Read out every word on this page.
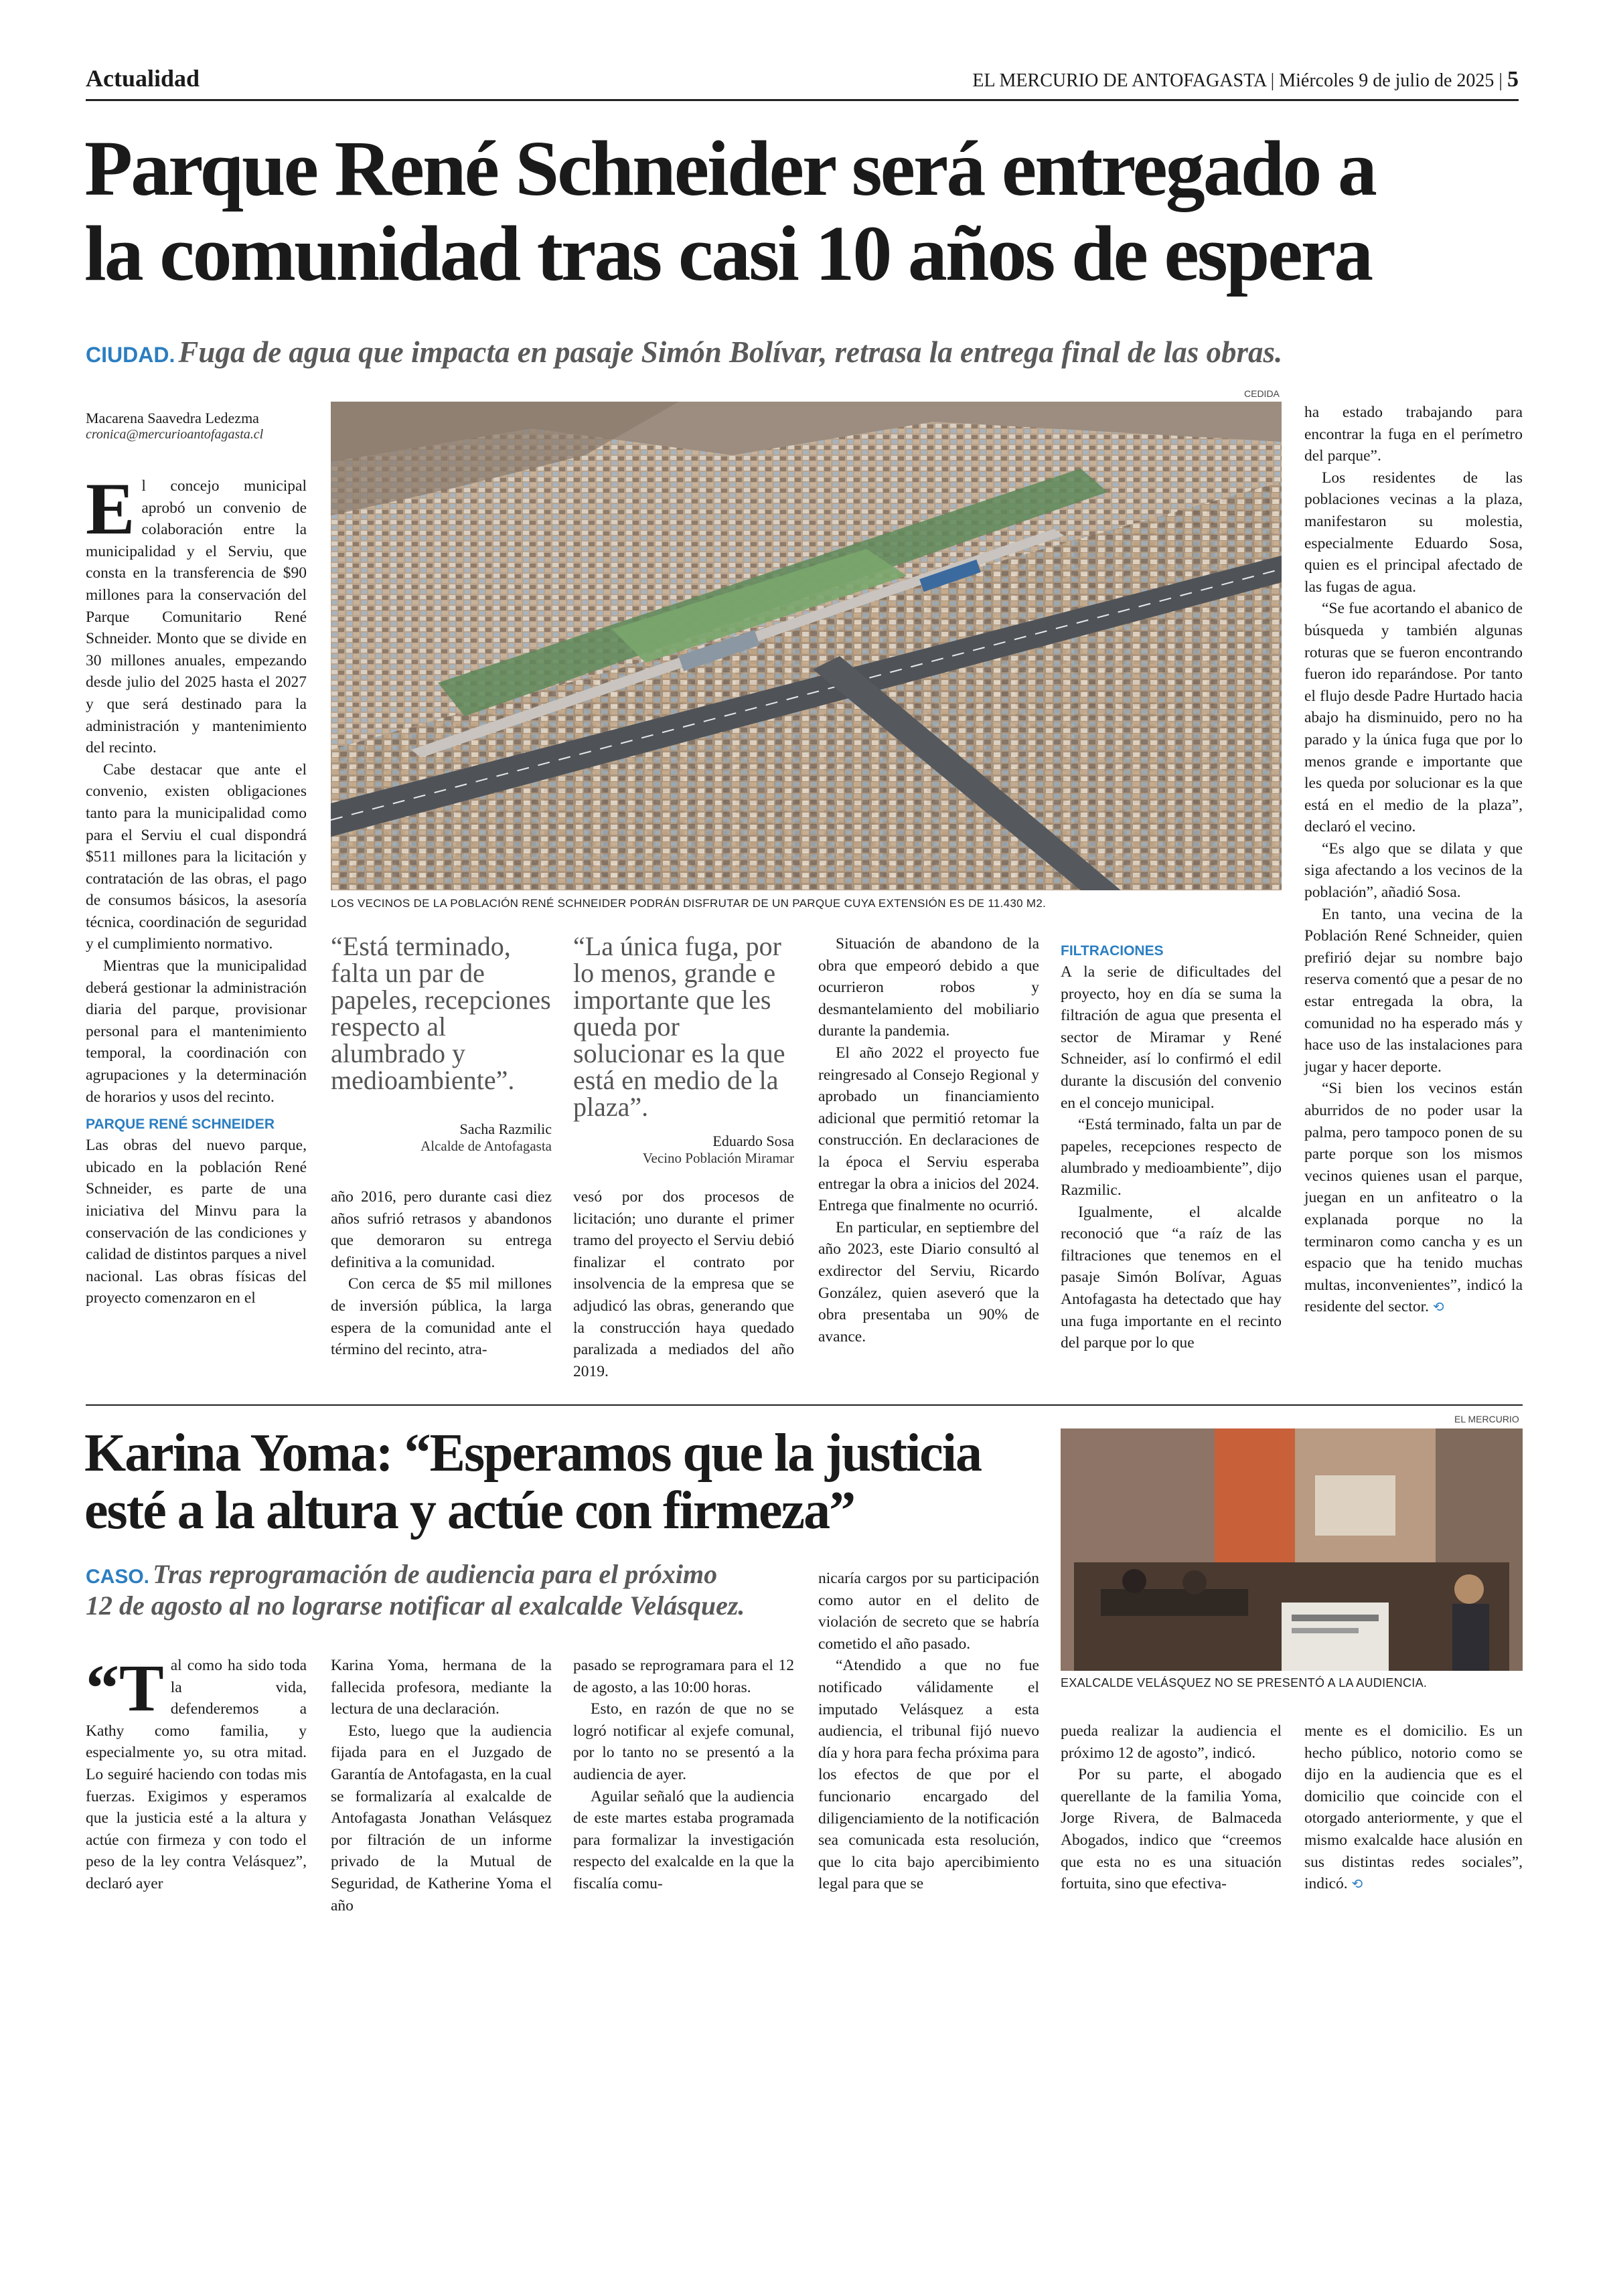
Actualidad	EL MERCURIO DE ANTOFAGASTA | Miércoles 9 de julio de 2025 | 5
Parque René Schneider será entregado a
la comunidad tras casi 10 años de espera
CIUDAD. Fuga de agua que impacta en pasaje Simón Bolívar, retrasa la entrega final de las obras.
Macarena Saavedra Ledezma
cronica@mercurioantofagasta.cl
CEDIDA
LOS VECINOS DE LA POBLACIÓN RENÉ SCHNEIDER PODRÁN DISFRUTAR DE UN PARQUE CUYA EXTENSIÓN ES DE 11.430 M2.

El concejo municipal aprobó un convenio de colaboración entre la municipalidad y el Serviu, que consta en la transferencia de $90 millones para la conservación del Parque Comunitario René Schneider. Monto que se divide en 30 millones anuales, empezando desde julio del 2025 hasta el 2027 y que será destinado para la administración y mantenimiento del recinto.

Cabe destacar que ante el convenio, existen obligaciones tanto para la municipalidad como para el Serviu el cual dispondrá $511 millones para la licitación y contratación de las obras, el pago de consumos básicos, la asesoría técnica, coordinación de seguridad y el cumplimiento normativo.

Mientras que la municipalidad deberá gestionar la administración diaria del parque, provisionar personal para el mantenimiento temporal, la coordinación con agrupaciones y la determinación de horarios y usos del recinto.

PARQUE RENÉ SCHNEIDER

Las obras del nuevo parque, ubicado en la población René Schneider, es parte de una iniciativa del Minvu para la conservación de las condiciones y calidad de distintos parques a nivel nacional. Las obras físicas del proyecto comenzaron en el

“Está terminado, falta un par de papeles, recepciones respecto al alumbrado y medioambiente”.
Sacha Razmilic
Alcalde de Antofagasta
“La única fuga, por lo menos, grande e importante que les queda por solucionar es la que está en medio de la plaza”.
Eduardo Sosa
Vecino Población Miramar

año 2016, pero durante casi diez años sufrió retrasos y abandonos que demoraron su entrega definitiva a la comunidad.

Con cerca de $5 mil millones de inversión pública, la larga espera de la comunidad ante el término del recinto, atra-

vesó por dos procesos de licitación; uno durante el primer tramo del proyecto el Serviu debió finalizar el contrato por insolvencia de la empresa que se adjudicó las obras, generando que la construcción haya quedado paralizada a mediados del año 2019.

Situación de abandono de la obra que empeoró debido a que ocurrieron robos y desmantelamiento del mobiliario durante la pandemia.

El año 2022 el proyecto fue reingresado al Consejo Regional y aprobado un financiamiento adicional que permitió retomar la construcción. En declaraciones de la época el Serviu esperaba entregar la obra a inicios del 2024. Entrega que finalmente no ocurrió.

En particular, en septiembre del año 2023, este Diario consultó al exdirector del Serviu, Ricardo González, quien aseveró que la obra presentaba un 90% de avance.

FILTRACIONES

A la serie de dificultades del proyecto, hoy en día se suma la filtración de agua que presenta el sector de Miramar y René Schneider, así lo confirmó el edil durante la discusión del convenio en el concejo municipal.

“Está terminado, falta un par de papeles, recepciones respecto de alumbrado y medioambiente”, dijo Razmilic.

Igualmente, el alcalde reconoció que “a raíz de las filtraciones que tenemos en el pasaje Simón Bolívar, Aguas Antofagasta ha detectado que hay una fuga importante en el recinto del parque por lo que

ha estado trabajando para encontrar la fuga en el perímetro del parque”.

Los residentes de las poblaciones vecinas a la plaza, manifestaron su molestia, especialmente Eduardo Sosa, quien es el principal afectado de las fugas de agua.

“Se fue acortando el abanico de búsqueda y también algunas roturas que se fueron encontrando fueron ido reparándose. Por tanto el flujo desde Padre Hurtado hacia abajo ha disminuido, pero no ha parado y la única fuga que por lo menos grande e importante que les queda por solucionar es la que está en el medio de la plaza”, declaró el vecino.

“Es algo que se dilata y que siga afectando a los vecinos de la población”, añadió Sosa.

En tanto, una vecina de la Población René Schneider, quien prefirió dejar su nombre bajo reserva comentó que a pesar de no estar entregada la obra, la comunidad no ha esperado más y hace uso de las instalaciones para jugar y hacer deporte.

“Si bien los vecinos están aburridos de no poder usar la palma, pero tampoco ponen de su parte porque son los mismos vecinos quienes usan el parque, juegan en un anfiteatro o la explanada porque no la terminaron como cancha y es un espacio que ha tenido muchas multas, inconvenientes”, indicó la residente del sector. ⟲

Karina Yoma: “Esperamos que la justicia
esté a la altura y actúe con firmeza”
CASO. Tras reprogramación de audiencia para el próximo
12 de agosto al no lograrse notificar al exalcalde Velásquez.
EL MERCURIO
EXALCALDE VELÁSQUEZ NO SE PRESENTÓ A LA AUDIENCIA.

“T al como ha sido toda la vida, defenderemos a Kathy como familia, y especialmente yo, su otra mitad. Lo seguiré haciendo con todas mis fuerzas. Exigimos y esperamos que la justicia esté a la altura y actúe con firmeza y con todo el peso de la ley contra Velásquez”, declaró ayer

Karina Yoma, hermana de la fallecida profesora, mediante la lectura de una declaración.

Esto, luego que la audiencia fijada para en el Juzgado de Garantía de Antofagasta, en la cual se formalizaría al exalcalde de Antofagasta Jonathan Velásquez por filtración de un informe privado de la Mutual de Seguridad, de Katherine Yoma el año

pasado se reprogramara para el 12 de agosto, a las 10:00 horas.

Esto, en razón de que no se logró notificar al exjefe comunal, por lo tanto no se presentó a la audiencia de ayer.

Aguilar señaló que la audiencia de este martes estaba programada para formalizar la investigación respecto del exalcalde en la que la fiscalía comu-

nicaría cargos por su participación como autor en el delito de violación de secreto que se habría cometido el año pasado.

“Atendido a que no fue notificado válidamente el imputado Velásquez a esta audiencia, el tribunal fijó nuevo día y hora para fecha próxima para los efectos de que por el funcionario encargado del diligenciamiento de la notificación sea comunicada esta resolución, que lo cita bajo apercibimiento legal para que se

pueda realizar la audiencia el próximo 12 de agosto”, indicó.

Por su parte, el abogado querellante de la familia Yoma, Jorge Rivera, de Balmaceda Abogados, indico que “creemos que esta no es una situación fortuita, sino que efectiva-

mente es el domicilio. Es un hecho público, notorio como se dijo en la audiencia que es el domicilio que coincide con el otorgado anteriormente, y que el mismo exalcalde hace alusión en sus distintas redes sociales”, indicó. ⟲
